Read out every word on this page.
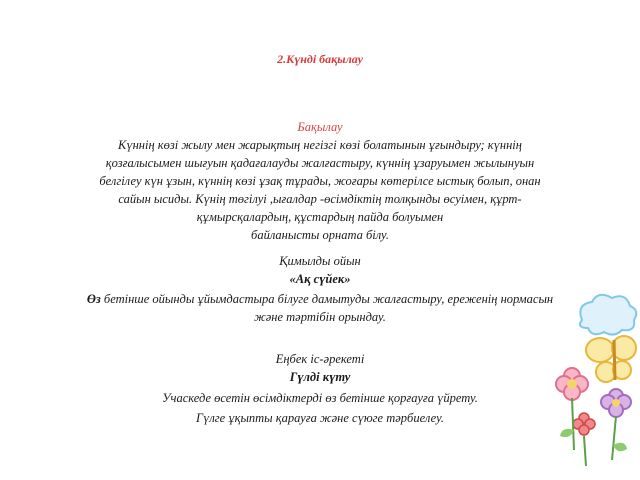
2.Күнді бақылау
Бақылау
Күннің көзі жылу мен жарықтың негізгі көзі болатынын ұғындыру; күннің
қозғалысымен шығуын қадағалауды жалғастыру, күннің ұзаруымен жылынуын
белгілеу күн ұзын, күннің көзі ұзақ тұрады, жоғары көтерілсе ыстық болып, онан
сайын ысиды. Күнің төгілуі ,ығалдар -өсімдіктің толқынды өсуімен, құрт-
құмырсқалардың, құстардың пайда болуымен
байланысты орната білу.
Қимылды ойын
«Ақ сүйек»
Өз бетінше ойынды ұйымдастыра білуге дамытуды жалғастыру, ереженің нормасын
және тәртібін орындау.
Еңбек іс-әрекеті
Гүлді күту
Учаскеде өсетін өсімдіктерді өз бетінше қорғауға үйрету.
Гүлге ұқыпты қарауға және сүюге тәрбиелеу.
